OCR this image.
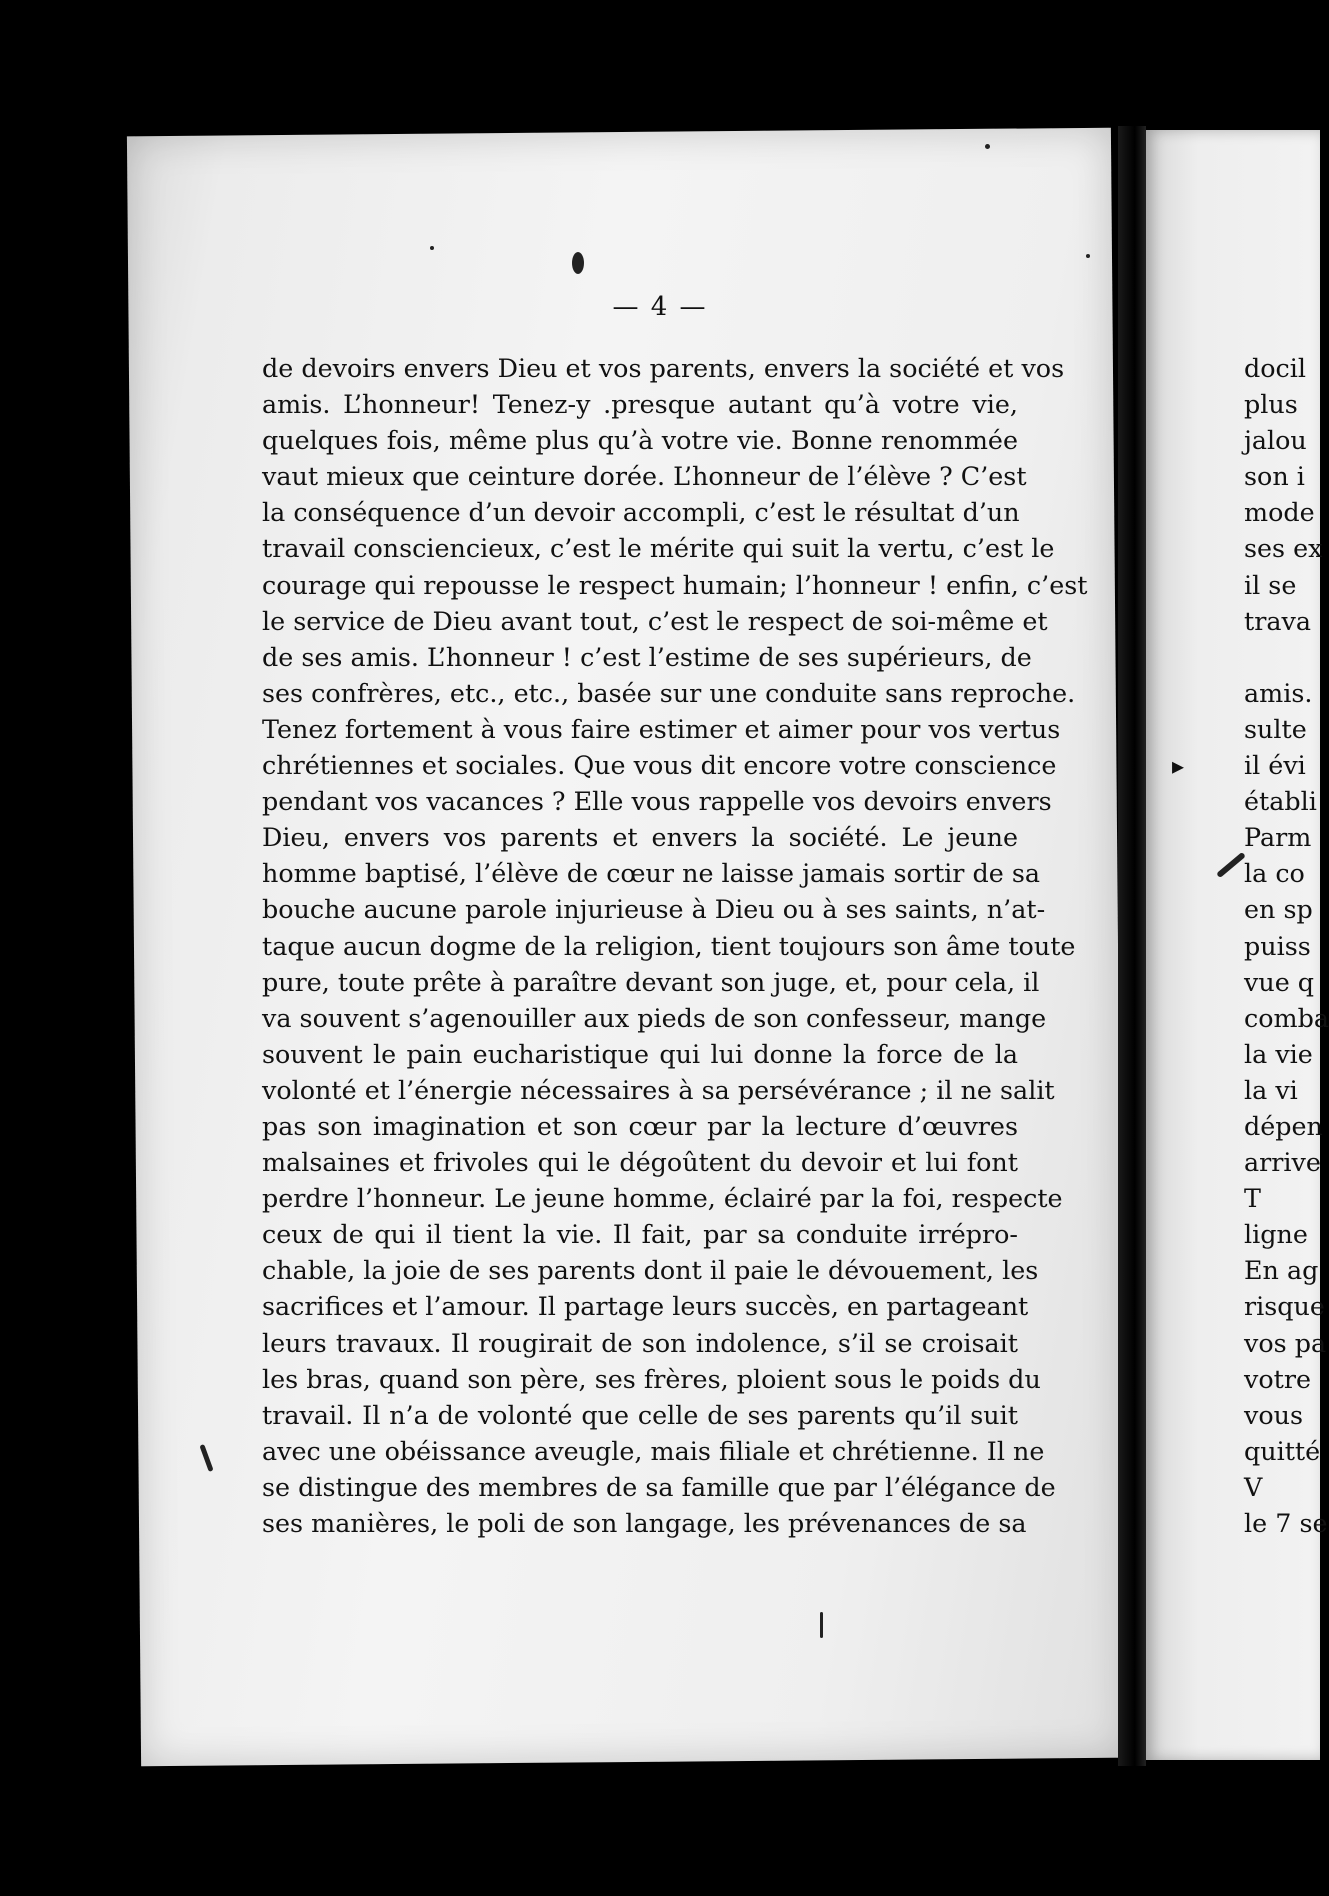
— 4 —
de devoirs envers Dieu et vos parents, envers la société et vos
amis. L’honneur! Tenez-y .presque autant qu’à votre vie,
quelques fois, même plus qu’à votre vie. Bonne renommée
vaut mieux que ceinture dorée. L’honneur de l’élève ? C’est
la conséquence d’un devoir accompli, c’est le résultat d’un
travail consciencieux, c’est le mérite qui suit la vertu, c’est le
courage qui repousse le respect humain; l’honneur ! enfin, c’est
le service de Dieu avant tout, c’est le respect de soi-même et
de ses amis. L’honneur ! c’est l’estime de ses supérieurs, de
ses confrères, etc., etc., basée sur une conduite sans reproche.
Tenez fortement à vous faire estimer et aimer pour vos vertus
chrétiennes et sociales. Que vous dit encore votre conscience
pendant vos vacances ? Elle vous rappelle vos devoirs envers
Dieu, envers vos parents et envers la société. Le jeune
homme baptisé, l’élève de cœur ne laisse jamais sortir de sa
bouche aucune parole injurieuse à Dieu ou à ses saints, n’at-
taque aucun dogme de la religion, tient toujours son âme toute
pure, toute prête à paraître devant son juge, et, pour cela, il
va souvent s’agenouiller aux pieds de son confesseur, mange
souvent le pain eucharistique qui lui donne la force de la
volonté et l’énergie nécessaires à sa persévérance ; il ne salit
pas son imagination et son cœur par la lecture d’œuvres
malsaines et frivoles qui le dégoûtent du devoir et lui font
perdre l’honneur. Le jeune homme, éclairé par la foi, respecte
ceux de qui il tient la vie. Il fait, par sa conduite irrépro-
chable, la joie de ses parents dont il paie le dévouement, les
sacrifices et l’amour. Il partage leurs succès, en partageant
leurs travaux. Il rougirait de son indolence, s’il se croisait
les bras, quand son père, ses frères, ploient sous le poids du
travail. Il n’a de volonté que celle de ses parents qu’il suit
avec une obéissance aveugle, mais filiale et chrétienne. Il ne
se distingue des membres de sa famille que par l’élégance de
ses manières, le poli de son langage, les prévenances de sa
docil
plus
jalou
son i
mode
ses ex
il se
trava
amis.
sulte
il évi
établi
Parm
la co
en sp
puiss
vue q
comba
la vie
la vi
dépen
arrive
T
ligne
En ag
risque
vos pa
votre
vous
quitté
V
le 7 se
▸
